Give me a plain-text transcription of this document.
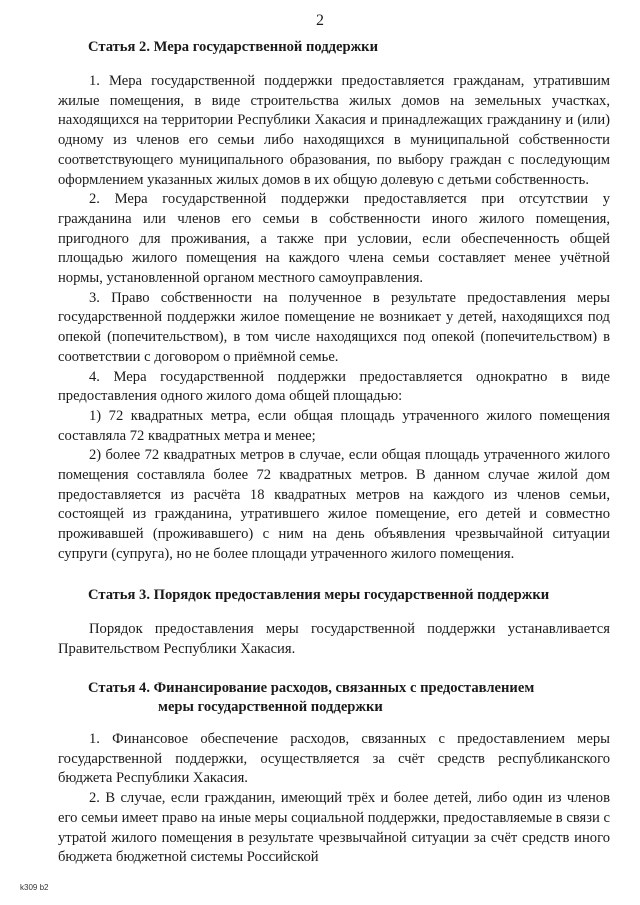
2
Статья 2. Мера государственной поддержки

1. Мера государственной поддержки предоставляется гражданам, утратившим жилые помещения, в виде строительства жилых домов на земельных участках, находящихся на территории Республики Хакасия и принадлежащих гражданину и (или) одному из членов его семьи либо находящихся в муниципальной собственности соответствующего муниципального образования, по выбору граждан с последующим оформлением указанных жилых домов в их общую долевую с детьми собственность.

2. Мера государственной поддержки предоставляется при отсутствии у гражданина или членов его семьи в собственности иного жилого помещения, пригодного для проживания, а также при условии, если обеспеченность общей площадью жилого помещения на каждого члена семьи составляет менее учётной нормы, установленной органом местного самоуправления.

3. Право собственности на полученное в результате предоставления меры государственной поддержки жилое помещение не возникает у детей, находящихся под опекой (попечительством), в том числе находящихся под опекой (попечительством) в соответствии с договором о приёмной семье.

4. Мера государственной поддержки предоставляется однократно в виде предоставления одного жилого дома общей площадью:

1) 72 квадратных метра, если общая площадь утраченного жилого помещения составляла 72 квадратных метра и менее;

2) более 72 квадратных метров в случае, если общая площадь утраченного жилого помещения составляла более 72 квадратных метров. В данном случае жилой дом предоставляется из расчёта 18 квадратных метров на каждого из членов семьи, состоящей из гражданина, утратившего жилое помещение, его детей и совместно проживавшей (проживавшего) с ним на день объявления чрезвычайной ситуации супруги (супруга), но не более площади утраченного жилого помещения.

Статья 3. Порядок предоставления меры государственной поддержки

Порядок предоставления меры государственной поддержки устанавливается Правительством Республики Хакасия.

Статья 4. Финансирование расходов, связанных с предоставлением
меры государственной поддержки

1. Финансовое обеспечение расходов, связанных с предоставлением меры государственной поддержки, осуществляется за счёт средств республиканского бюджета Республики Хакасия.

2. В случае, если гражданин, имеющий трёх и более детей, либо один из членов его семьи имеет право на иные меры социальной поддержки, предоставляемые в связи с утратой жилого помещения в результате чрезвычайной ситуации за счёт средств иного бюджета бюджетной системы Российской

k309 b2
